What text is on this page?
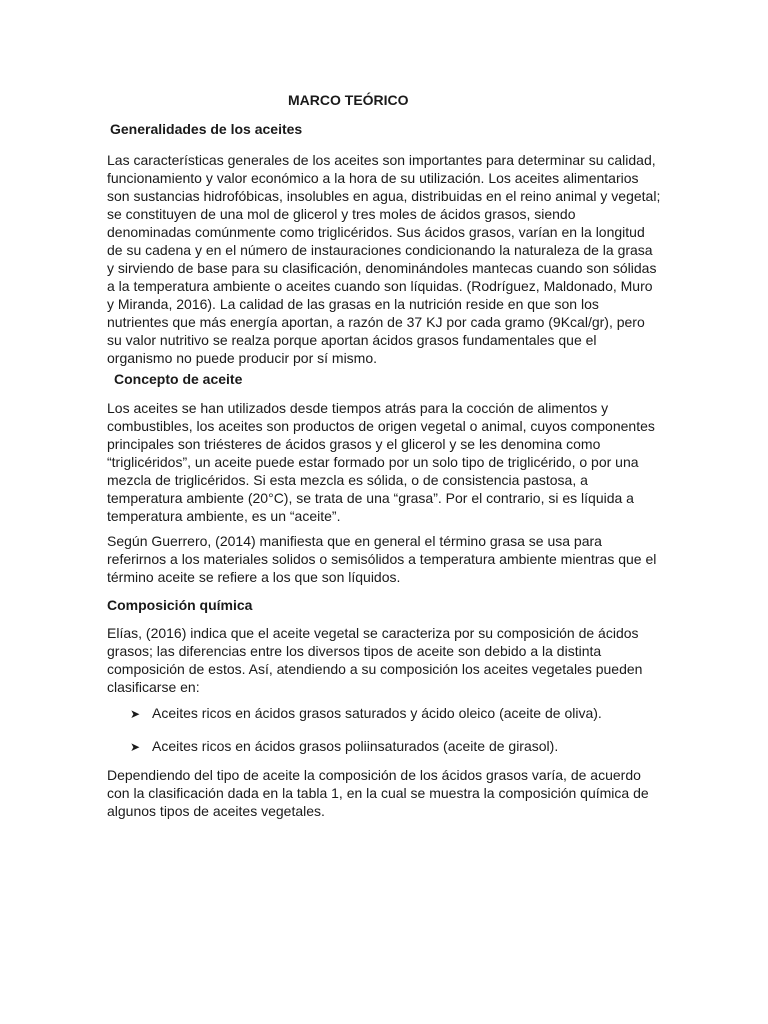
MARCO TEÓRICO
Generalidades de los aceites
Las características generales de los aceites son importantes para determinar su calidad, funcionamiento y valor económico a la hora de su utilización. Los aceites alimentarios son sustancias hidrofóbicas, insolubles en agua, distribuidas en el reino animal y vegetal; se constituyen de una mol de glicerol y tres moles de ácidos grasos, siendo denominadas comúnmente como triglicéridos. Sus ácidos grasos, varían en la longitud de su cadena y en el número de instauraciones condicionando la naturaleza de la grasa y sirviendo de base para su clasificación, denominándoles mantecas cuando son sólidas a la temperatura ambiente o aceites cuando son líquidas. (Rodríguez, Maldonado, Muro y Miranda, 2016). La calidad de las grasas en la nutrición reside en que son los nutrientes que más energía aportan, a razón de 37 KJ por cada gramo (9Kcal/gr), pero su valor nutritivo se realza porque aportan ácidos grasos fundamentales que el organismo no puede producir por sí mismo.
Concepto de aceite
Los aceites se han utilizados desde tiempos atrás para la cocción de alimentos y combustibles, los aceites son productos de origen vegetal o animal, cuyos componentes principales son triésteres de ácidos grasos y el glicerol y se les denomina como “triglicéridos”, un aceite puede estar formado por un solo tipo de triglicérido, o por una mezcla de triglicéridos. Si esta mezcla es sólida, o de consistencia pastosa, a temperatura ambiente (20°C), se trata de una “grasa”. Por el contrario, si es líquida a temperatura ambiente, es un “aceite”.
Según Guerrero, (2014) manifiesta que en general el término grasa se usa para referirnos a los materiales solidos o semisólidos a temperatura ambiente mientras que el término aceite se refiere a los que son líquidos.
Composición química
Elías, (2016) indica que el aceite vegetal se caracteriza por su composición de ácidos grasos; las diferencias entre los diversos tipos de aceite son debido a la distinta composición de estos. Así, atendiendo a su composición los aceites vegetales pueden clasificarse en:
➤ Aceites ricos en ácidos grasos saturados y ácido oleico (aceite de oliva).
➤ Aceites ricos en ácidos grasos poliinsaturados (aceite de girasol).
Dependiendo del tipo de aceite la composición de los ácidos grasos varía, de acuerdo con la clasificación dada en la tabla 1, en la cual se muestra la composición química de algunos tipos de aceites vegetales.
